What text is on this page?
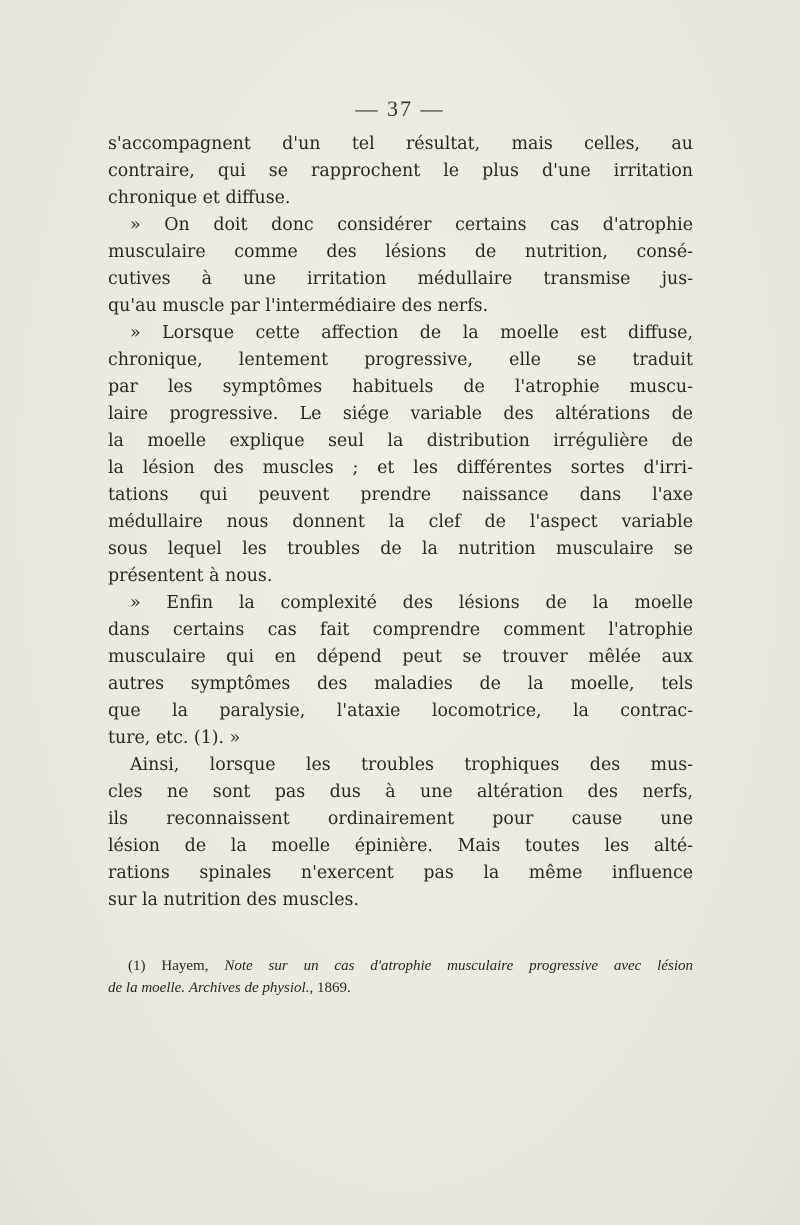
— 37 —
s'accompagnent d'un tel résultat, mais celles, au
contraire, qui se rapprochent le plus d'une irritation
chronique et diffuse.
» On doit donc considérer certains cas d'atrophie
musculaire comme des lésions de nutrition, consé-
cutives à une irritation médullaire transmise jus-
qu'au muscle par l'intermédiaire des nerfs.
» Lorsque cette affection de la moelle est diffuse,
chronique, lentement progressive, elle se traduit
par les symptômes habituels de l'atrophie muscu-
laire progressive. Le siége variable des altérations de
la moelle explique seul la distribution irrégulière de
la lésion des muscles ; et les différentes sortes d'irri-
tations qui peuvent prendre naissance dans l'axe
médullaire nous donnent la clef de l'aspect variable
sous lequel les troubles de la nutrition musculaire se
présentent à nous.
» Enfin la complexité des lésions de la moelle
dans certains cas fait comprendre comment l'atrophie
musculaire qui en dépend peut se trouver mêlée aux
autres symptômes des maladies de la moelle, tels
que la paralysie, l'ataxie locomotrice, la contrac-
ture, etc. (1). »
Ainsi, lorsque les troubles trophiques des mus-
cles ne sont pas dus à une altération des nerfs,
ils reconnaissent ordinairement pour cause une
lésion de la moelle épinière. Mais toutes les alté-
rations spinales n'exercent pas la même influence
sur la nutrition des muscles.
(1) Hayem, Note sur un cas d'atrophie musculaire progressive avec lésion
de la moelle. Archives de physiol., 1869.
